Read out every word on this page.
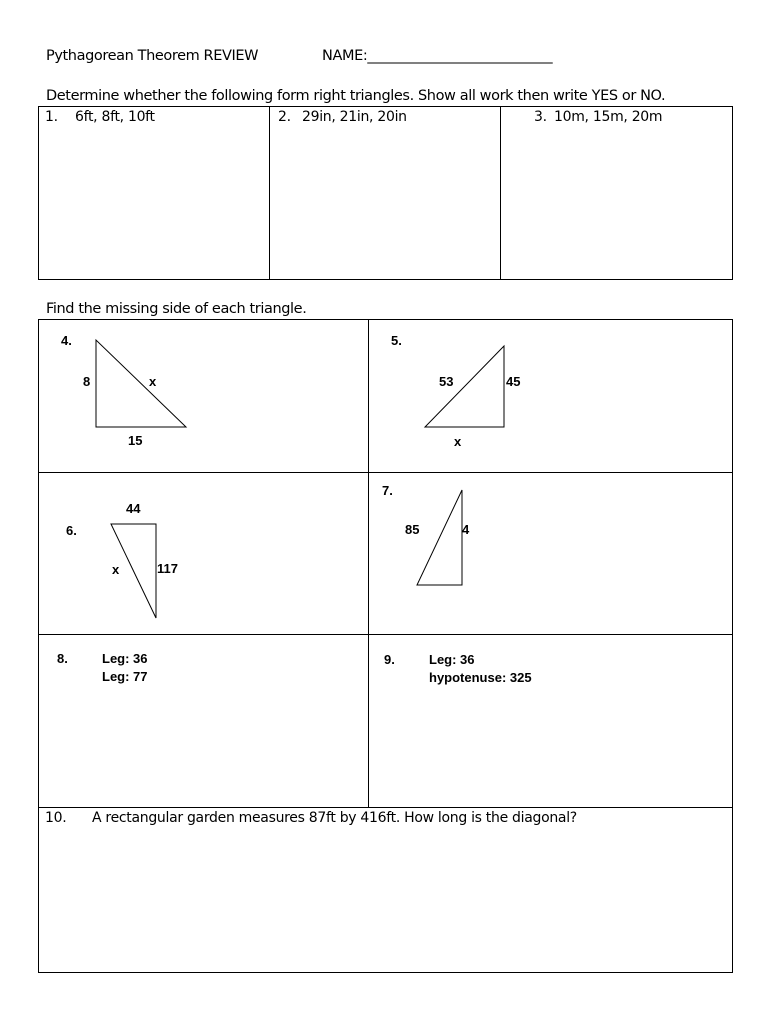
Pythagorean Theorem REVIEW	NAME:___________________________
Determine whether the following form right triangles. Show all work then write YES or NO.
1. 6ft, 8ft, 10ft	2. 29in, 21in, 20in	3. 10m, 15m, 20m
Find the missing side of each triangle.
4.
8	x
15
5.
53	45
x
6.
44
x	117
7.
85	4
8.	Leg: 36
Leg: 77
9.	Leg: 36
hypotenuse: 325
10. A rectangular garden measures 87ft by 416ft. How long is the diagonal?
